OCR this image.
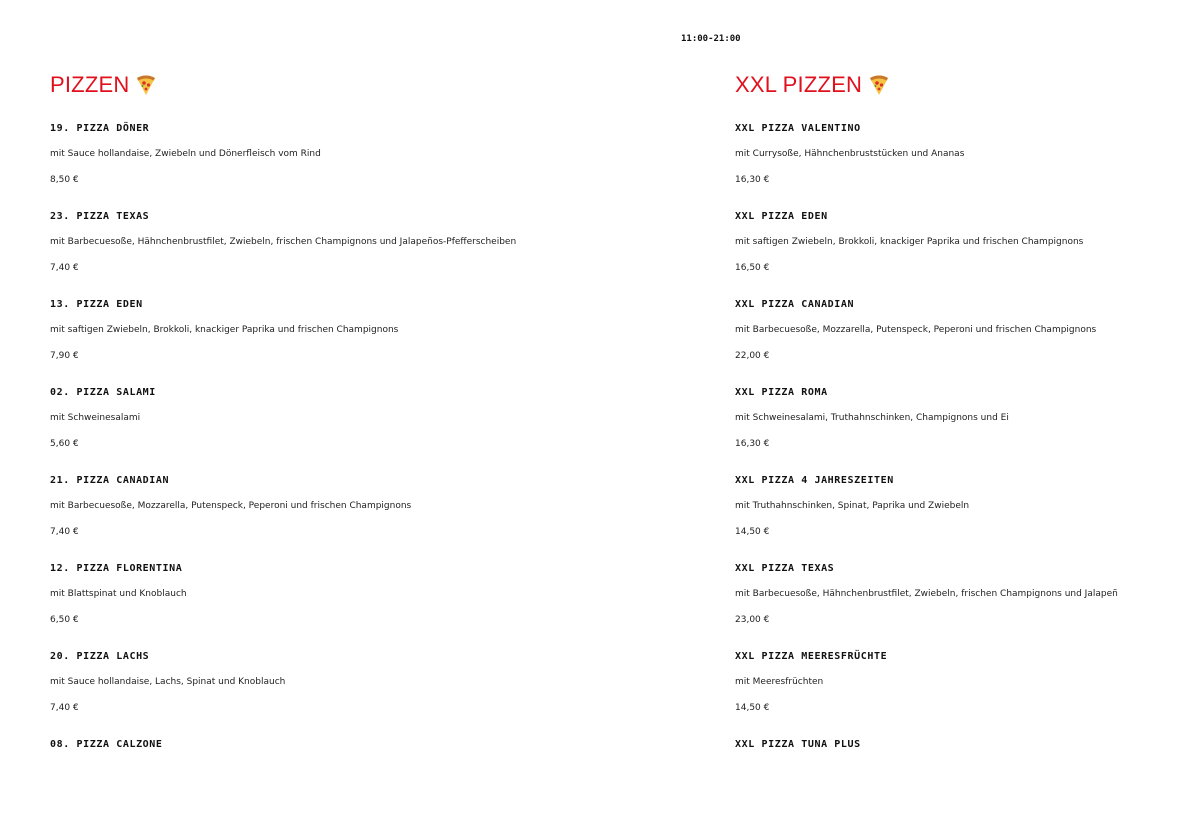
11:00-21:00
PIZZEN
19. PIZZA DÖNER
mit Sauce hollandaise, Zwiebeln und Dönerfleisch vom Rind
8,50 €
23. PIZZA TEXAS
mit Barbecuesoße, Hähnchenbrustfilet, Zwiebeln, frischen Champignons und Jalapeños-Pfefferscheiben
7,40 €
13. PIZZA EDEN
mit saftigen Zwiebeln, Brokkoli, knackiger Paprika und frischen Champignons
7,90 €
02. PIZZA SALAMI
mit Schweinesalami
5,60 €
21. PIZZA CANADIAN
mit Barbecuesoße, Mozzarella, Putenspeck, Peperoni und frischen Champignons
7,40 €
12. PIZZA FLORENTINA
mit Blattspinat und Knoblauch
6,50 €
20. PIZZA LACHS
mit Sauce hollandaise, Lachs, Spinat und Knoblauch
7,40 €
08. PIZZA CALZONE
XXL PIZZEN
XXL PIZZA VALENTINO
mit Currysoße, Hähnchenbruststücken und Ananas
16,30 €
XXL PIZZA EDEN
mit saftigen Zwiebeln, Brokkoli, knackiger Paprika und frischen Champignons
16,50 €
XXL PIZZA CANADIAN
mit Barbecuesoße, Mozzarella, Putenspeck, Peperoni und frischen Champignons
22,00 €
XXL PIZZA ROMA
mit Schweinesalami, Truthahnschinken, Champignons und Ei
16,30 €
XXL PIZZA 4 JAHRESZEITEN
mit Truthahnschinken, Spinat, Paprika und Zwiebeln
14,50 €
XXL PIZZA TEXAS
mit Barbecuesoße, Hähnchenbrustfilet, Zwiebeln, frischen Champignons und Jalapeñ
23,00 €
XXL PIZZA MEERESFRÜCHTE
mit Meeresfrüchten
14,50 €
XXL PIZZA TUNA PLUS
